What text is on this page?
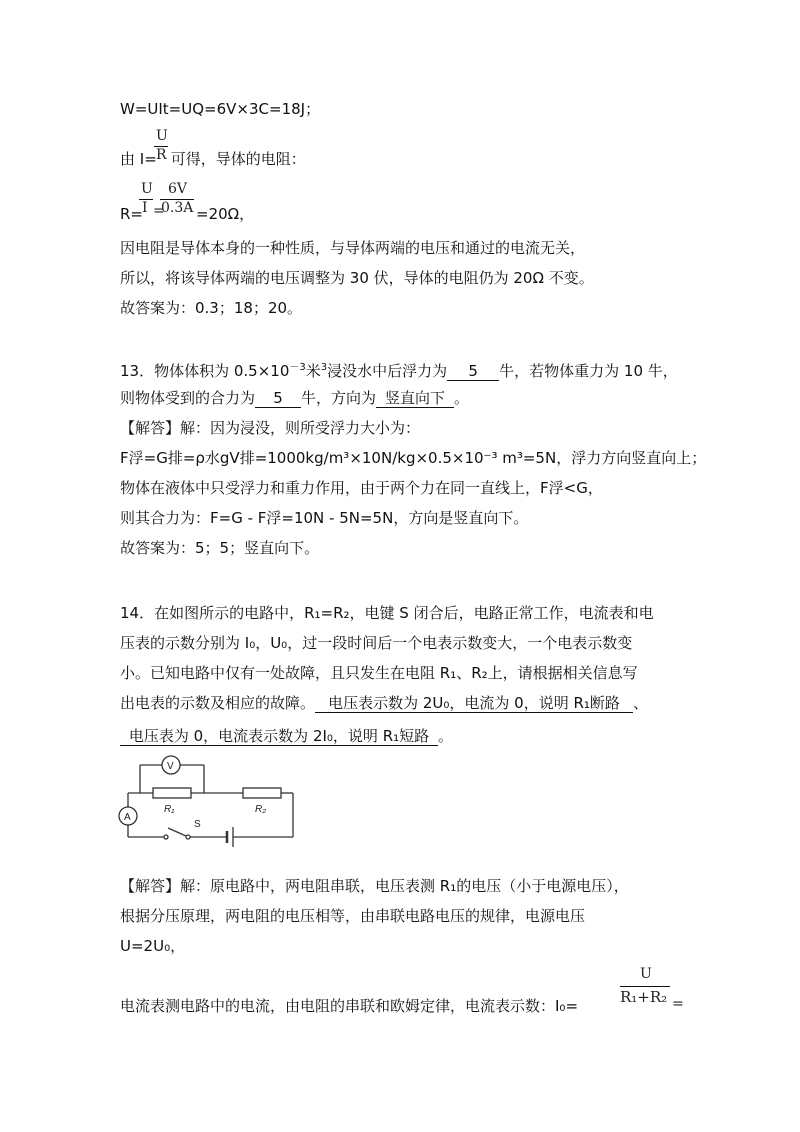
W=UIt=UQ=6V×3C=18J；
由 I= 可得，导体的电阻：
U
R
R=
U
I =
6V
0.3A =20Ω，
因电阻是导体本身的一种性质，与导体两端的电压和通过的电流无关，
所以，将该导体两端的电压调整为 30 伏，导体的电阻仍为 20Ω 不变。
故答案为：0.3；18；20。
13．物体体积为 $0.5\times 10^{-3}$米$^3$浸没水中后浮力为 5 牛，若物体重力为 10 牛，
则物体受到的合力为 5 牛，方向为 竖直向下 。
【解答】解：因为浸没，则所受浮力大小为：
F浮=G排=ρ水gV排=1000kg/m³×10N/kg×0.5×10⁻³ m³=5N，浮力方向竖直向上；
物体在液体中只受浮力和重力作用，由于两个力在同一直线上，F浮<G，
则其合力为：F=G - F浮=10N - 5N=5N，方向是竖直向下。
故答案为：5；5；竖直向下。
14．在如图所示的电路中，R₁=R₂，电键 S 闭合后，电路正常工作，电流表和电
压表的示数分别为 I₀，U₀，过一段时间后一个电表示数变大，一个电表示数变
小。已知电路中仅有一处故障，且只发生在电阻 R₁、R₂上，请根据相关信息写
出电表的示数及相应的故障。 电压表示数为 2U₀，电流为 0，说明 R₁断路 、
电压表为 0，电流表示数为 2I₀，说明 R₁短路 。
V
A
R₁	R₂
S
【解答】解：原电路中，两电阻串联，电压表测 R₁的电压（小于电源电压），
根据分压原理，两电阻的电压相等，由串联电路电压的规律，电源电压
U=2U₀，
电流表测电路中的电流，由电阻的串联和欧姆定律，电流表示数：I₀=
U
R₁+R₂ =
